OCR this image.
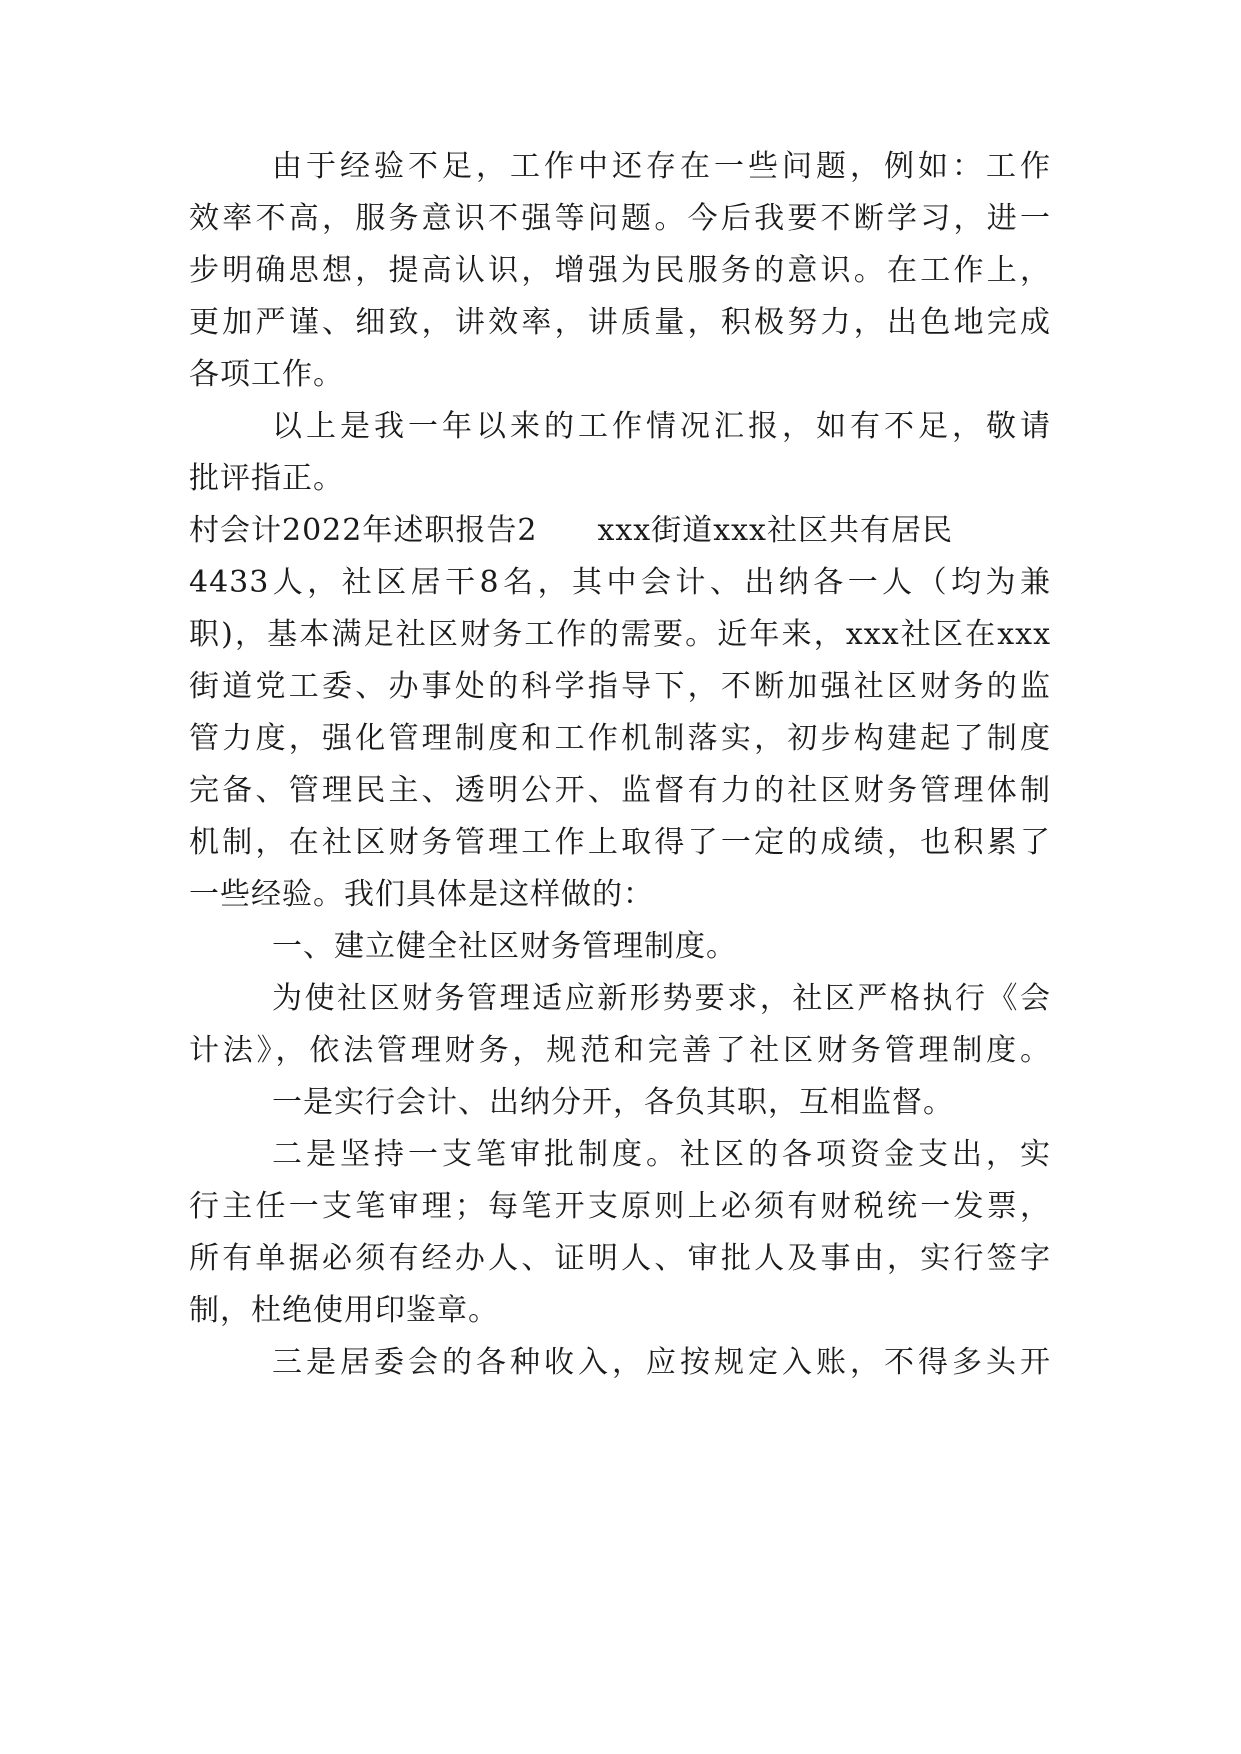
由于经验不足，工作中还存在一些问题，例如：工作
效率不高，服务意识不强等问题。今后我要不断学习，进一
步明确思想，提高认识，增强为民服务的意识。在工作上，
更加严谨、细致，讲效率，讲质量，积极努力，出色地完成
各项工作。
以上是我一年以来的工作情况汇报，如有不足，敬请
批评指正。
村会计2022年述职报告2 xxx街道xxx社区共有居民
4433人，社区居干8名，其中会计、出纳各一人（均为兼
职)，基本满足社区财务工作的需要。近年来，xxx社区在xxx
街道党工委、办事处的科学指导下，不断加强社区财务的监
管力度，强化管理制度和工作机制落实，初步构建起了制度
完备、管理民主、透明公开、监督有力的社区财务管理体制
机制，在社区财务管理工作上取得了一定的成绩，也积累了
一些经验。我们具体是这样做的：
一、建立健全社区财务管理制度。
为使社区财务管理适应新形势要求，社区严格执行《会
计法》，依法管理财务，规范和完善了社区财务管理制度。
一是实行会计、出纳分开，各负其职，互相监督。
二是坚持一支笔审批制度。社区的各项资金支出，实
行主任一支笔审理；每笔开支原则上必须有财税统一发票，
所有单据必须有经办人、证明人、审批人及事由，实行签字
制，杜绝使用印鉴章。
三是居委会的各种收入，应按规定入账，不得多头开
